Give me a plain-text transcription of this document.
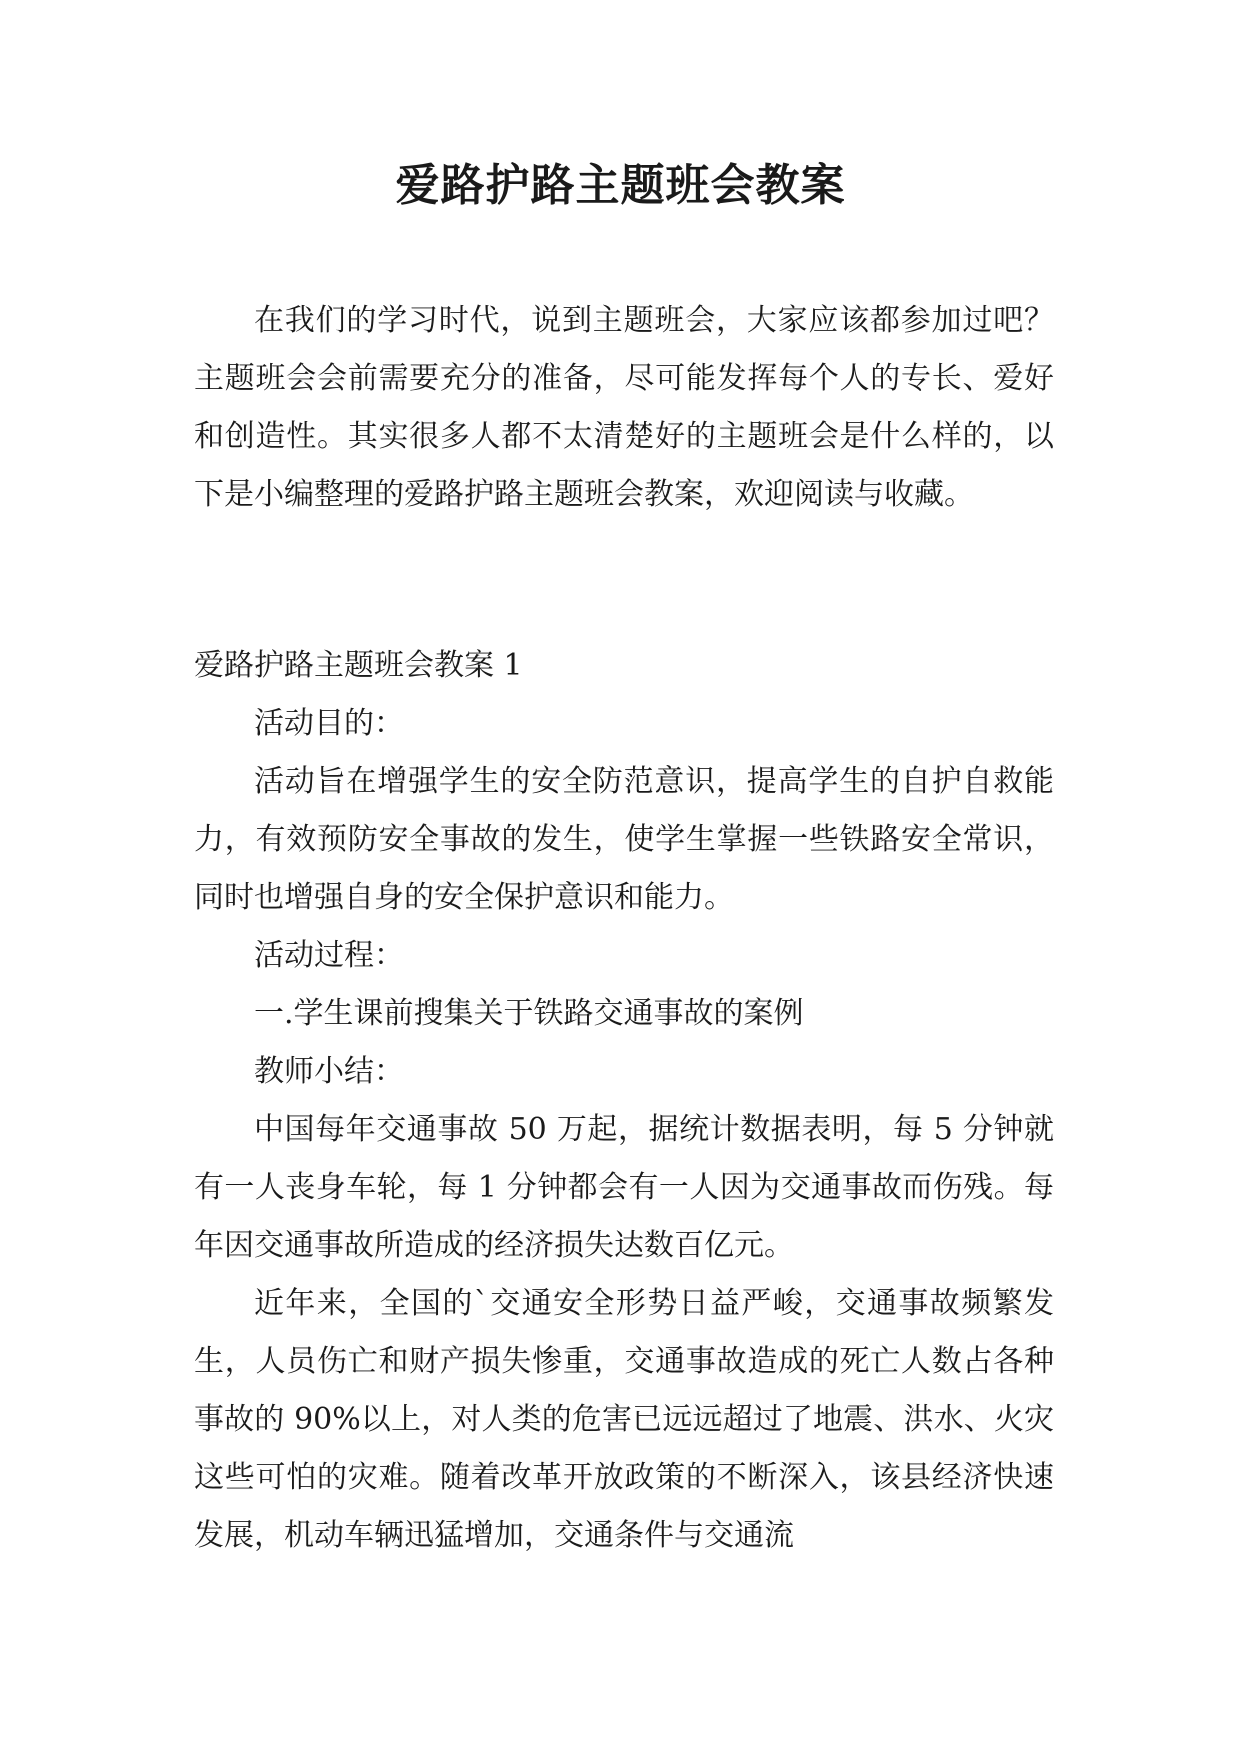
爱路护路主题班会教案

在我们的学习时代，说到主题班会，大家应该都参加过吧？主题班会会前需要充分的准备，尽可能发挥每个人的专长、爱好和创造性。其实很多人都不太清楚好的主题班会是什么样的，以下是小编整理的爱路护路主题班会教案，欢迎阅读与收藏。

爱路护路主题班会教案 1

活动目的：

活动旨在增强学生的安全防范意识，提高学生的自护自救能力，有效预防安全事故的发生，使学生掌握一些铁路安全常识，同时也增强自身的安全保护意识和能力。

活动过程：

一.学生课前搜集关于铁路交通事故的案例

教师小结：

中国每年交通事故 50 万起，据统计数据表明，每 5 分钟就有一人丧身车轮，每 1 分钟都会有一人因为交通事故而伤残。每年因交通事故所造成的经济损失达数百亿元。

近年来，全国的`交通安全形势日益严峻，交通事故频繁发生，人员伤亡和财产损失惨重，交通事故造成的死亡人数占各种事故的 90%以上，对人类的危害已远远超过了地震、洪水、火灾这些可怕的灾难。随着改革开放政策的不断深入，该县经济快速发展，机动车辆迅猛增加，交通条件与交通流
